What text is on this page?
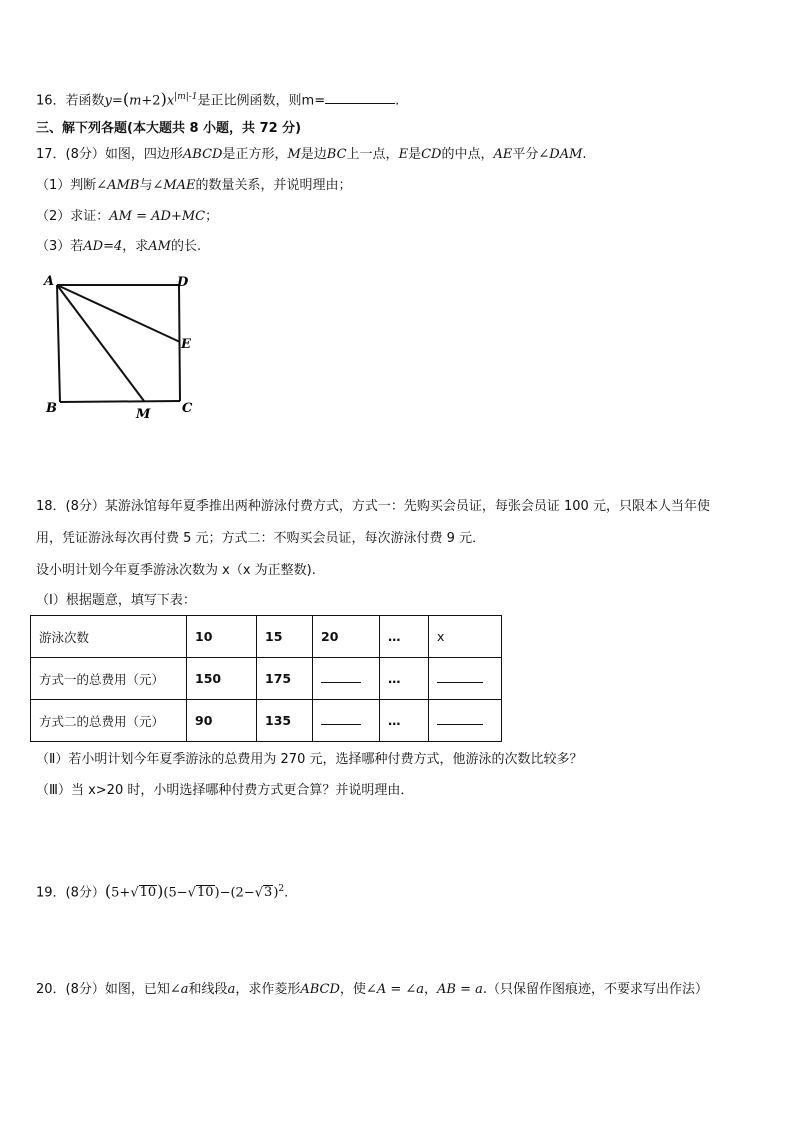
16．若函数$y=(m+2)x^{|m|-1}$是正比例函数，则m=	.
三、解下列各题(本大题共 8 小题，共 72 分)
17．(8分）如图，四边形ABCD是正方形，M是边BC上一点，E是CD的中点，AE平分∠DAM.
（1）判断∠AMB与∠MAE的数量关系，并说明理由；
（2）求证：AM = AD+MC；
（3）若AD=4，求AM的长.
A	D
E
B	M C
18．(8分）某游泳馆每年夏季推出两种游泳付费方式，方式一：先购买会员证，每张会员证 100 元，只限本人当年使
用，凭证游泳每次再付费 5 元；方式二：不购买会员证，每次游泳付费 9 元．
设小明计划今年夏季游泳次数为 x（x 为正整数).
（I）根据题意，填写下表：
游泳次数	10	15	20	…	x
方式一的总费用（元）	150	175		…	
方式二的总费用（元）	90	135		…	
（Ⅱ）若小明计划今年夏季游泳的总费用为 270 元，选择哪种付费方式，他游泳的次数比较多？
（Ⅲ）当 x>20 时，小明选择哪种付费方式更合算？并说明理由．
19．(8分）$(5+√10)(5-√10)-(2-√3)^2$.
20．(8分）如图，已知∠a和线段a，求作菱形ABCD，使∠A = ∠a，AB = a.（只保留作图痕迹，不要求写出作法）
